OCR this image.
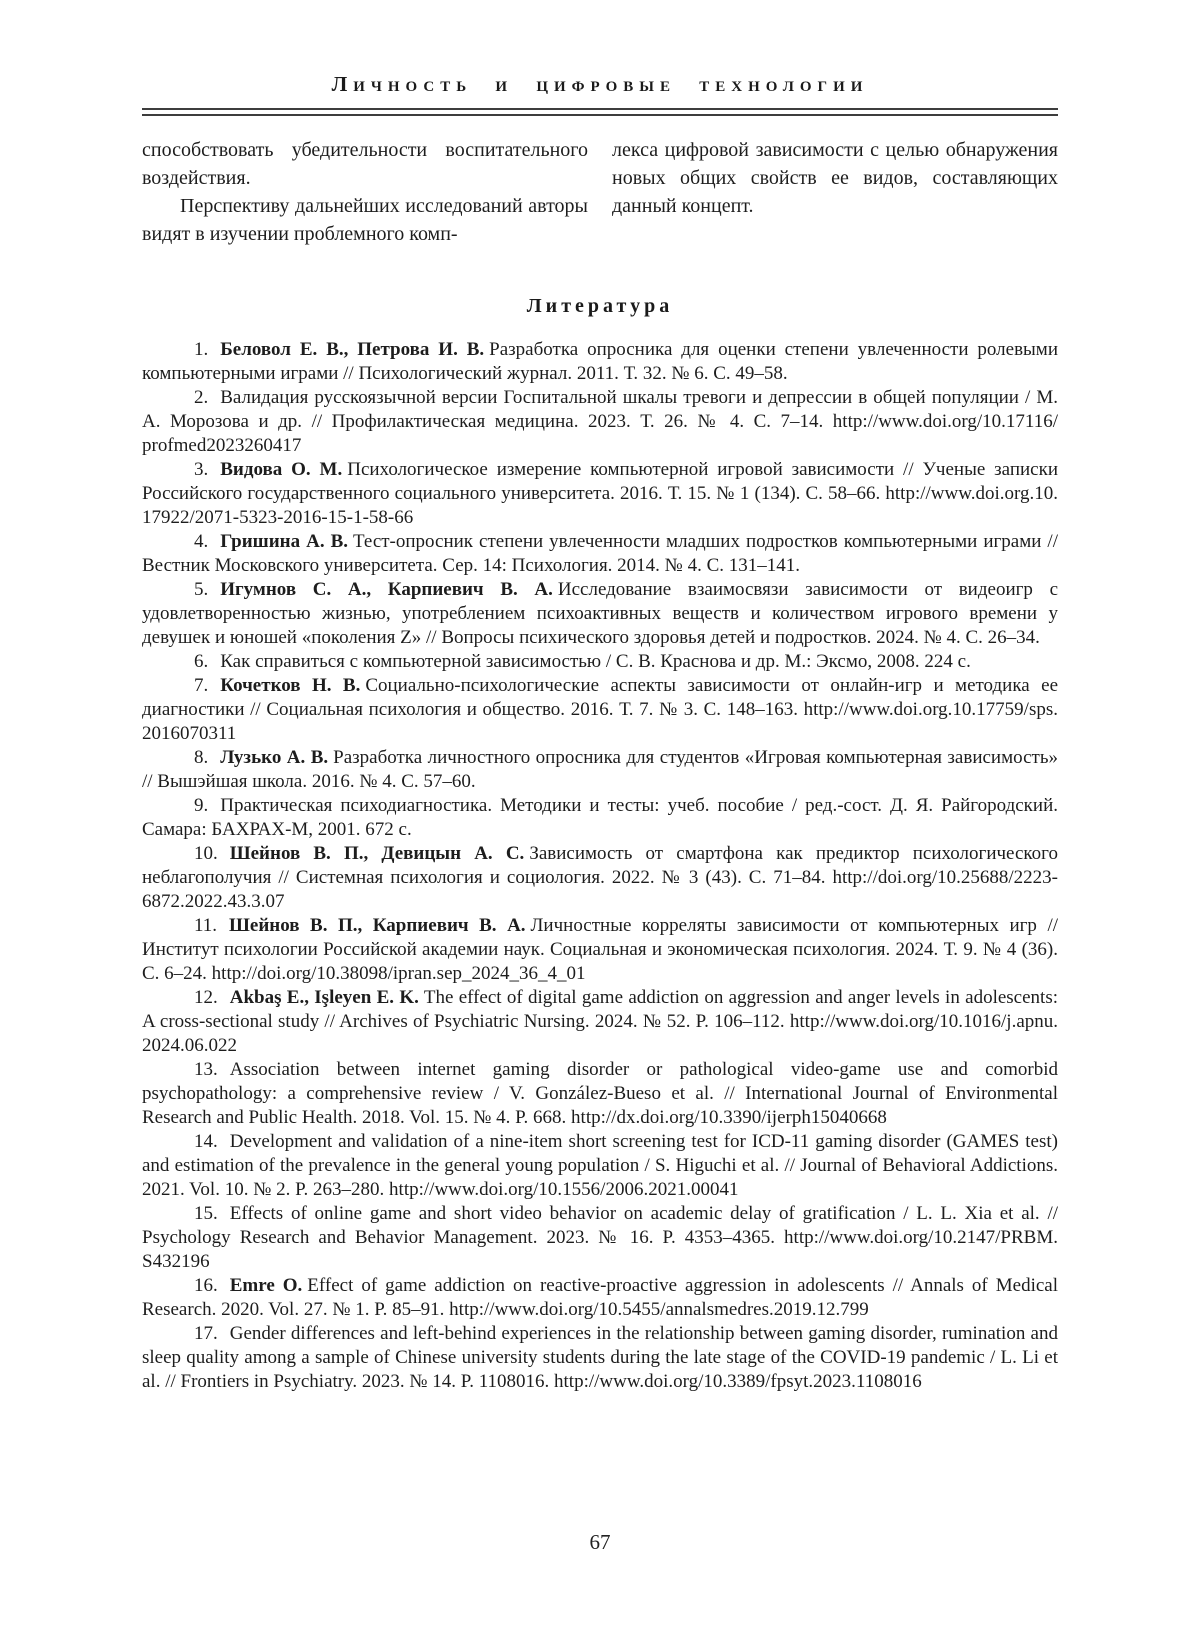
Личность и цифровые технологии

способствовать убедительности воспитательного воздействия.

Перспективу дальнейших исследований авторы видят в изучении проблемного комп-

лекса цифровой зависимости с целью обнаружения новых общих свойств ее видов, составляющих данный концепт.

Литература

1. Беловол Е. В., Петрова И. В. Разработка опросника для оценки степени увлеченности ролевыми компьютерными играми // Психологический журнал. 2011. Т. 32. № 6. С. 49–58.

2. Валидация русскоязычной версии Госпитальной шкалы тревоги и депрессии в общей популяции / М. А. Морозова и др. // Профилактическая медицина. 2023. Т. 26. № 4. С. 7–14. http:/​/​www.​doi.​org/​10.​17116/​profmed2023260417

3. Видова О. М. Психологическое измерение компьютерной игровой зависимости // Ученые записки Российского государственного социального университета. 2016. Т. 15. № 1 (134). С. 58–66. http:/​/​www.​doi.​org.​10.​17922/​2071-5323-2016-15-1-58-66

4. Гришина А. В. Тест-опросник степени увлеченности младших подростков компьютерными играми // Вестник Московского университета. Сер. 14: Психология. 2014. № 4. С. 131–141.

5. Игумнов С. А., Карпиевич В. А. Исследование взаимосвязи зависимости от видеоигр с удовлетворенностью жизнью, употреблением психоактивных веществ и количеством игрового времени у девушек и юношей «поколения Z» // Вопросы психического здоровья детей и подростков. 2024. № 4. С. 26–34.

6. Как справиться с компьютерной зависимостью / С. В. Краснова и др. М.: Эксмо, 2008. 224 с.

7. Кочетков Н. В. Социально-психологические аспекты зависимости от онлайн-игр и методика ее диагностики // Социальная психология и общество. 2016. Т. 7. № 3. С. 148–163. http:/​/​www.​doi.​org.​10.​17759/​sps.​2016070311

8. Лузько А. В. Разработка личностного опросника для студентов «Игровая компьютерная зависимость» // Вышэйшая школа. 2016. № 4. С. 57–60.

9. Практическая психодиагностика. Методики и тесты: учеб. пособие / ред.-сост. Д. Я. Райгородский. Самара: БАХРАХ-М, 2001. 672 с.

10. Шейнов В. П., Девицын А. С. Зависимость от смартфона как предиктор психологического неблагополучия // Системная психология и социология. 2022. № 3 (43). С. 71–84. http:/​/​doi.​org/​10.​25688/​2223-6872.​2022.​43.​3.​07

11. Шейнов В. П., Карпиевич В. А. Личностные корреляты зависимости от компьютерных игр // Институт психологии Российской академии наук. Социальная и экономическая психология. 2024. Т. 9. № 4 (36). С. 6–24. http:/​/​doi.​org/​10.​38098/​ipran.​sep_2024_36_4_01

12. Akbaş E., Işleyen E. K. The effect of digital game addiction on aggression and anger levels in adolescents: A cross-sectional study // Archives of Psychiatric Nursing. 2024. № 52. P. 106–112. http:/​/​www.​doi.​org/​10.​1016/​j.​apnu.​2024.​06.​022

13. Association between internet gaming disorder or pathological video-game use and comorbid psychopathology: a comprehensive review / V. González-Bueso et al. // International Journal of Environmental Research and Public Health. 2018. Vol. 15. № 4. P. 668. http:/​/​dx.​doi.​org/​10.​3390/​ijerph15040668

14. Development and validation of a nine-item short screening test for ICD-11 gaming disorder (GAMES test) and estimation of the prevalence in the general young population / S. Higuchi et al. // Journal of Behavioral Addictions. 2021. Vol. 10. № 2. P. 263–280. http:/​/​www.​doi.​org/​10.​1556/​2006.​2021.​00041

15. Effects of online game and short video behavior on academic delay of gratification / L. L. Xia et al. // Psychology Research and Behavior Management. 2023. № 16. P. 4353–4365. http:/​/​www.​doi.​org/​10.​2147/​PRBM.​S432196

16. Emre O. Effect of game addiction on reactive-proactive aggression in adolescents // Annals of Medical Research. 2020. Vol. 27. № 1. P. 85–91. http:/​/​www.​doi.​org/​10.​5455/​annalsmedres.​2019.​12.​799

17. Gender differences and left-behind experiences in the relationship between gaming disorder, rumination and sleep quality among a sample of Chinese university students during the late stage of the COVID-19 pandemic / L. Li et al. // Frontiers in Psychiatry. 2023. № 14. P. 1108016. http:/​/​www.​doi.​org/​10.​3389/​fpsyt.​2023.​1108016

67
